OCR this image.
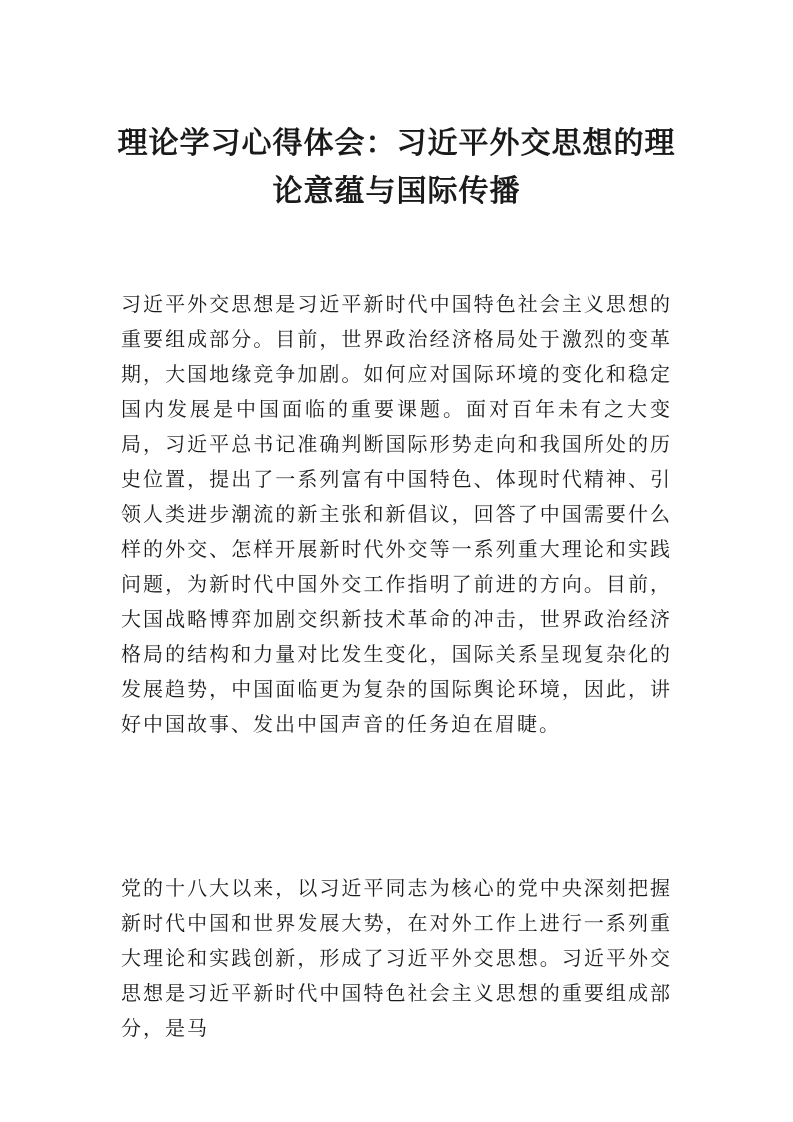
理论学习心得体会：习近平外交思想的理论意蕴与国际传播

习近平外交思想是习近平新时代中国特色社会主义思想的重要组成部分。目前，世界政治经济格局处于激烈的变革期，大国地缘竞争加剧。如何应对国际环境的变化和稳定国内发展是中国面临的重要课题。面对百年未有之大变局，习近平总书记准确判断国际形势走向和我国所处的历史位置，提出了一系列富有中国特色、体现时代精神、引领人类进步潮流的新主张和新倡议，回答了中国需要什么样的外交、怎样开展新时代外交等一系列重大理论和实践问题，为新时代中国外交工作指明了前进的方向。目前，大国战略博弈加剧交织新技术革命的冲击，世界政治经济格局的结构和力量对比发生变化，国际关系呈现复杂化的发展趋势，中国面临更为复杂的国际舆论环境，因此，讲好中国故事、发出中国声音的任务迫在眉睫。

党的十八大以来，以习近平同志为核心的党中央深刻把握新时代中国和世界发展大势，在对外工作上进行一系列重大理论和实践创新，形成了习近平外交思想。习近平外交思想是习近平新时代中国特色社会主义思想的重要组成部分，是马
